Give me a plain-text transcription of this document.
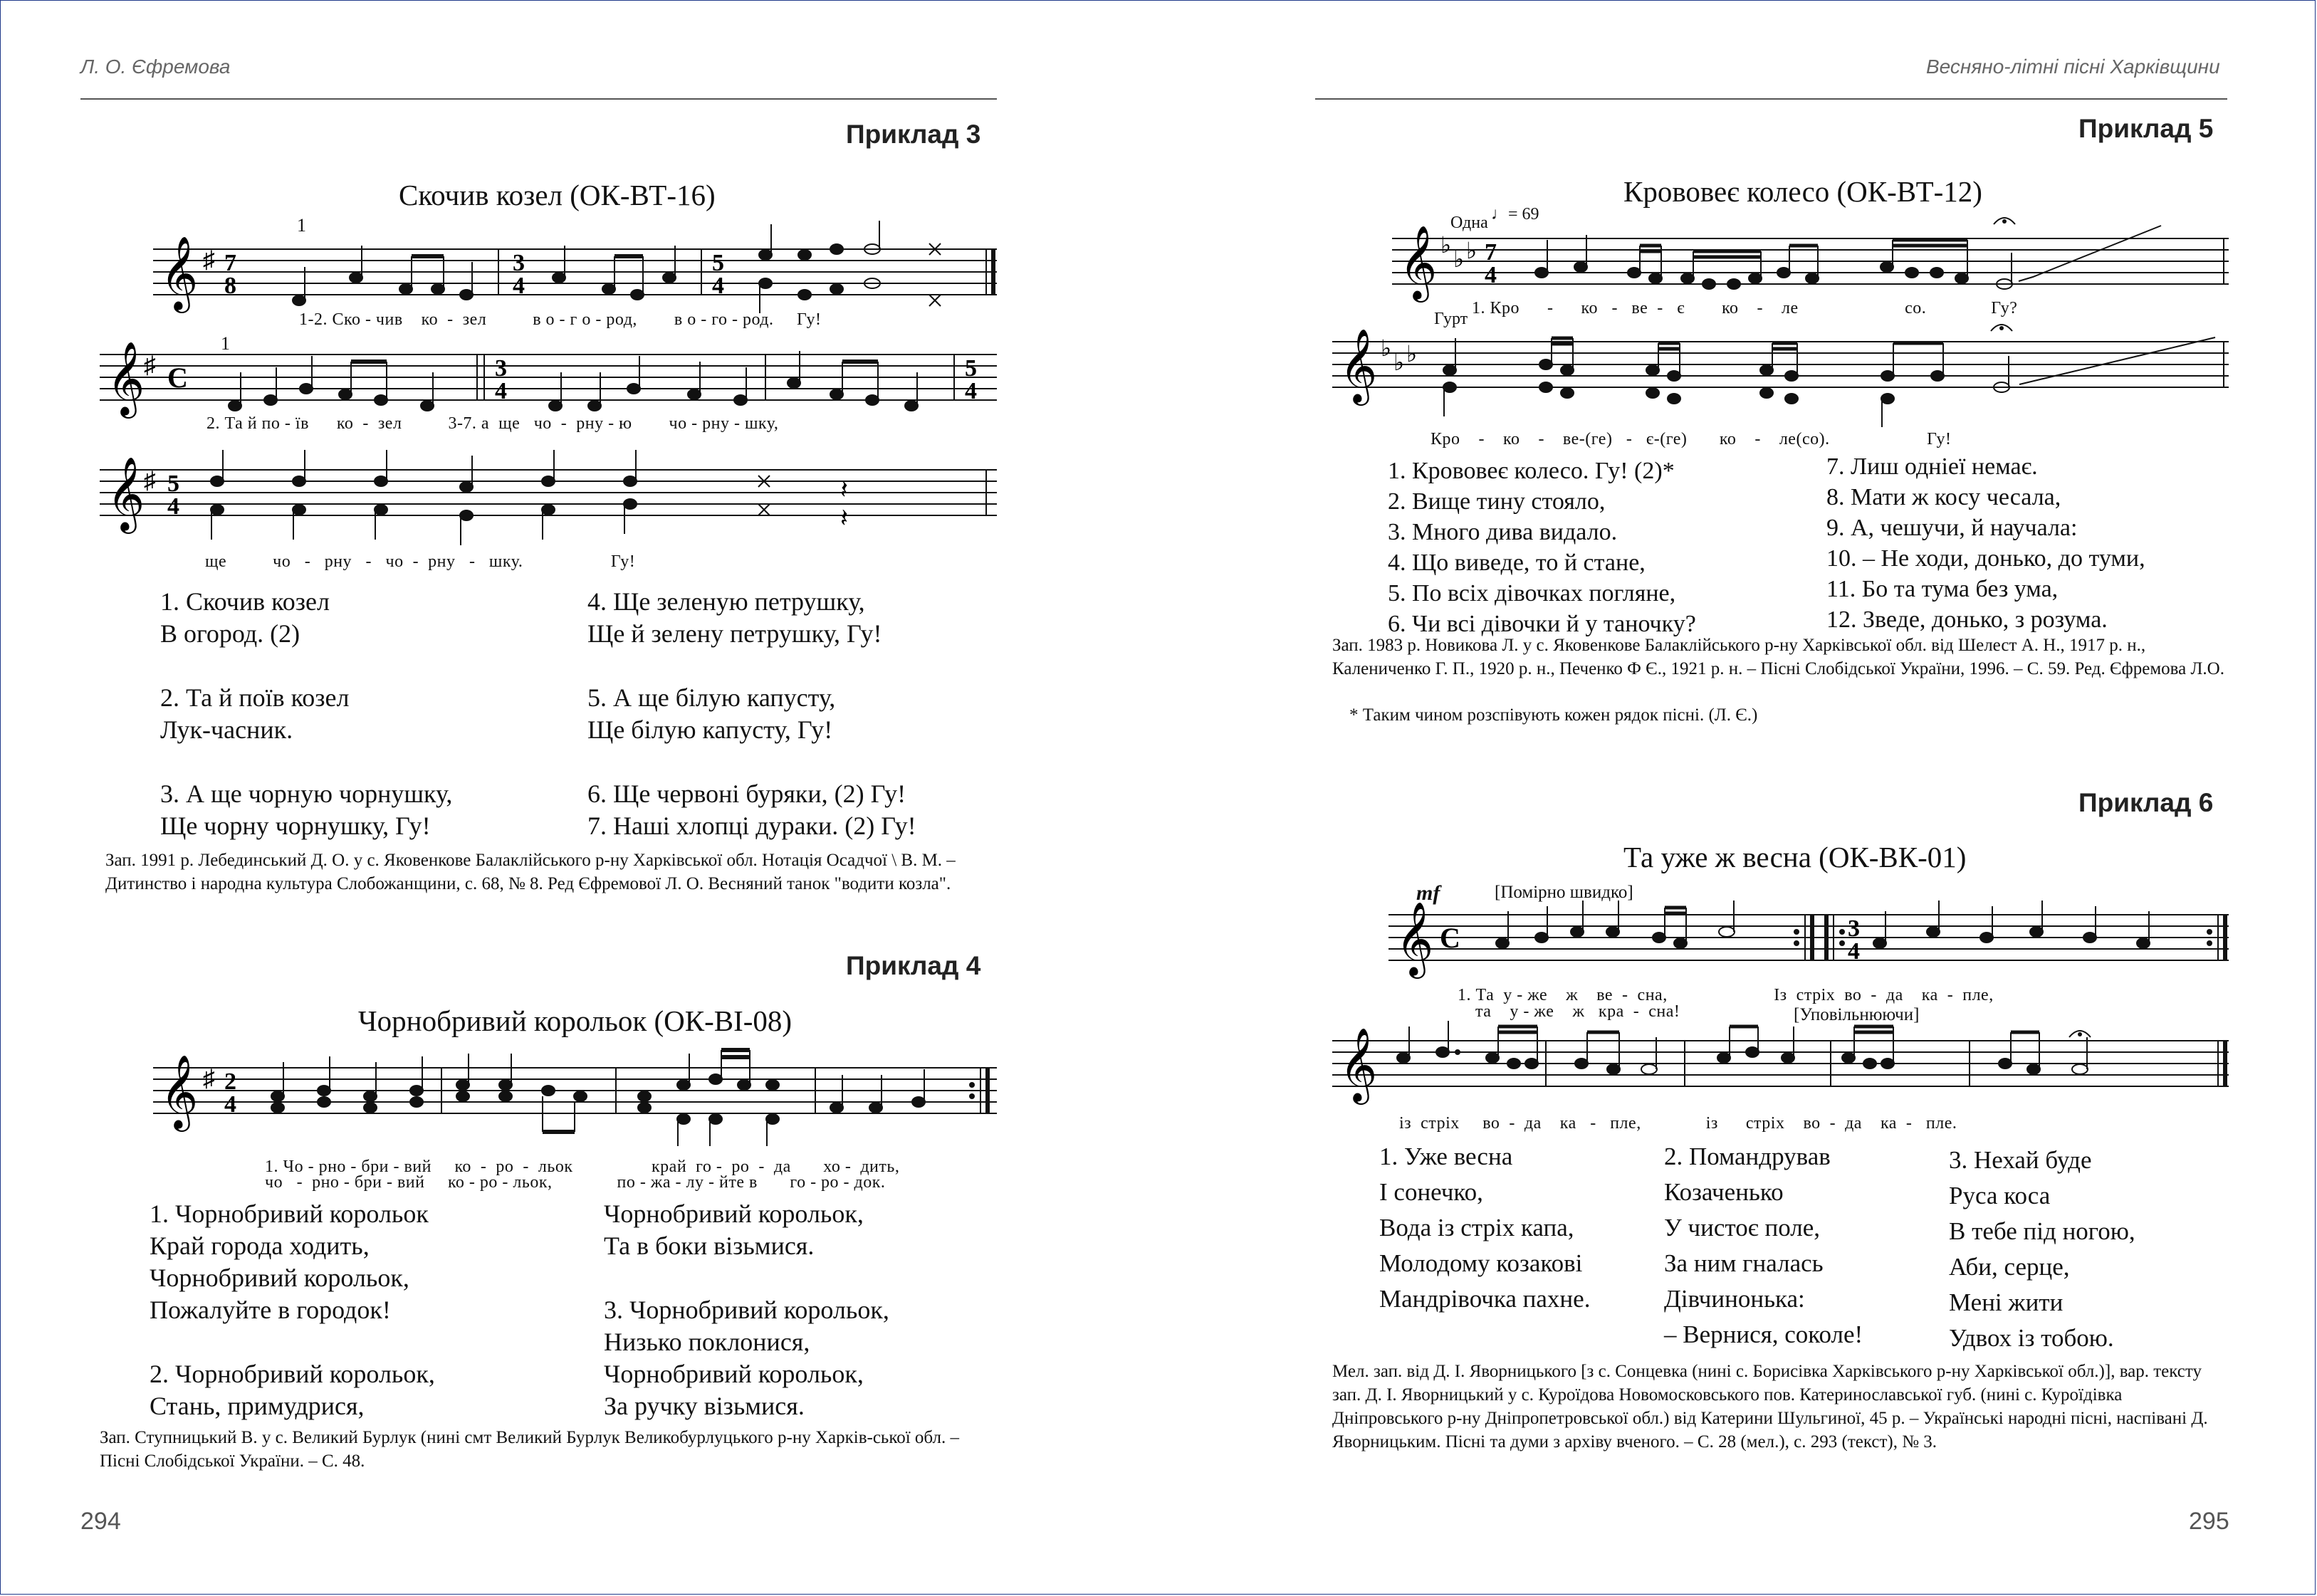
Л. О. Єфремова
Приклад 3
Скочив козел (ОК-ВТ-16)
1
𝄞 ♯ 7
8
3
4
5
4
1-2. Ско - чив    ко  -  зел          в о - г о - род,        в о - го - род.     Гу!
1
𝄞
♯ C	3
4
5
4
2. Та й по - їв      ко  -  зел          3-7. а  ще   чо  -  рну - ю        чо - рну - шку,
𝄞
♯ 5
4
𝄽
𝄽
ще          чо   -   рну   -   чо  -  рну   -   шку.                   Гу!
1. Скочив козел
В огород. (2)

2. Та й поїв козел
Лук-часник.

3. А ще чорную чорнушку,
Ще чорну чорнушку, Гу!
4. Ще зеленую петрушку,
Ще й зелену петрушку, Гу!

5. А ще білую капусту,
Ще білую капусту, Гу!

6. Ще червоні буряки, (2) Гу!
7. Наші хлопці дураки. (2) Гу!
Зап. 1991 р. Лебединський Д. О. у с. Яковенкове Балаклійського р-ну Харківської обл. Нотація Осадчої \ В. М. – Дитинство і народна культура Слобожанщини, с. 68, № 8. Ред Єфремової Л. О. Весняний танок "водити козла".
Приклад 4
Чорнобривий корольок (ОК-ВІ-08)
𝄞 ♯ 2
4
1. Чо - рно - бри - вий     ко  -  ро  -  льок                 край  го -  ро  -  да       хо -  дить,
чо   -  рно - бри - вий     ко - ро - льок,              по - жа - лу - йте в       го - ро - док.
1. Чорнобривий корольок
Край города ходить,
Чорнобривий корольок,
Пожалуйте в городок!

2. Чорнобривий корольок,
Стань, примудрися,
Чорнобривий корольок,
Та в боки візьмися.

3. Чорнобривий корольок,
Низько поклонися,
Чорнобривий корольок,
За ручку візьмися.
Зап. Ступницький В. у с. Великий Бурлук (нині смт Великий Бурлук Великобурлуцького р-ну Харків-ської обл. – Пісні Слобідської України. – С. 48.
294
Весняно-літні пісні Харківщини
Приклад 5
Крововеє колесо (ОК-ВТ-12)
♩= 69
Одна
𝄞 ♭
♭ ♭ 7
4
1. Кро      -      ко   -   ве  -   є        ко    -    ле                       со.              Гу?
Гурт
𝄞 ♭
♭ ♭
Кро    -    ко    -    ве-(ге)   -   є-(ге)       ко    -    ле(со).                     Гу!
1. Крововеє колесо. Гу! (2)*
2. Вище тину стояло,
3. Много дива видало.
4. Що виведе, то й стане,
5. По всіх дівочках погляне,
6. Чи всі дівочки й у таночку?
7. Лиш одніеї немає.
8. Мати ж косу чесала,
9. А, чешучи, й научала:
10. – Не ходи, донько, до туми,
11. Бо та тума без ума,
12. Зведе, донько, з розума.
Зап. 1983 р. Новикова Л. у с. Яковенкове Балаклійського р-ну Харківської обл. від Шелест А. Н., 1917 р. н., Калениченко Г. П., 1920 р. н., Печенко Ф Є., 1921 р. н. – Пісні Слобідської України, 1996. – С. 59. Ред. Єфремова Л.О.
* Таким чином розспівують кожен рядок пісні. (Л. Є.)
Приклад 6
Та уже ж весна (ОК-ВК-01)
mf	[Помірно швидко]
𝄞 C	3
4
1. Та  у - же    ж    ве  -  сна,                       Із  стріх  во  -  да    ка  -  пле,
та    у - же    ж   кра  -  сна!	[Уповільнюючи]
𝄞
із  стріх     во  -  да    ка   -   пле,              із      стріх    во  -  да    ка  -   пле.
1. Уже весна
І сонечко,
Вода із стріх капа,
Молодому козакові
Мандрівочка пахне.
2. Помандрував
Козаченько
У чистоє поле,
За ним гналась
Дівчинонька:
– Вернися, соколе!
3. Нехай буде
Руса коса
В тебе під ногою,
Аби, серце,
Мені жити
Удвох із тобою.
Мел. зап. від Д. І. Яворницького [з с. Сонцевка (нині с. Борисівка Харківського р-ну Харківської обл.)], вар. тексту зап. Д. І. Яворницький у с. Куроїдова Новомосковського пов. Катеринославської губ. (нині с. Куроїдівка Дніпровського р-ну Дніпропетровської обл.) від Катерини Шульгиної, 45 р. – Українські народні пісні, наспівані Д. Яворницьким. Пісні та думи з архіву вченого. – С. 28 (мел.), с. 293 (текст), № 3.
295
